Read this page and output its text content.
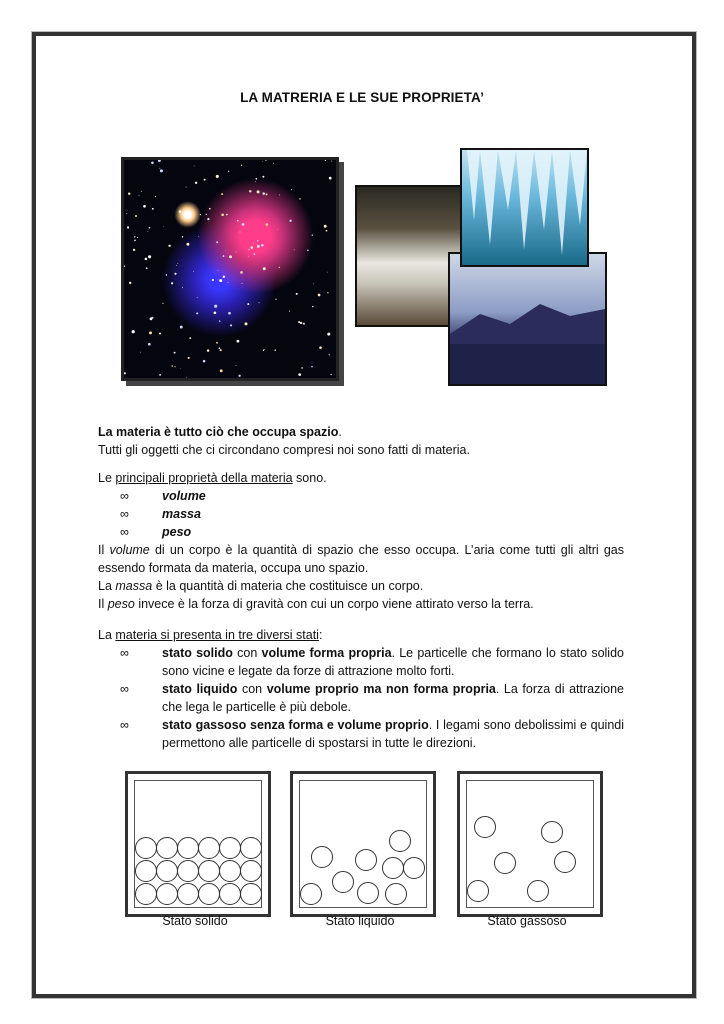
LA MATRERIA E LE SUE PROPRIETA’
La materia è tutto ciò che occupa spazio.
Tutti gli oggetti che ci circondano compresi noi sono fatti di materia.
Le principali proprietà della materia sono.
∞	volume
∞	massa
∞	peso
Il volume di un corpo è la quantità di spazio che esso occupa. L’aria come tutti gli altri gas essendo formata da materia, occupa uno spazio.
La massa è la quantità di materia che costituisce un corpo.
Il peso invece è la forza di gravità con cui un corpo viene attirato verso la terra.
La materia si presenta in tre diversi stati:
∞	stato solido con volume forma propria. Le particelle che formano lo stato solido sono vicine e legate da forze di attrazione molto forti.
∞	stato liquido con volume proprio ma non forma propria. La forza di attrazione che lega le particelle è più debole.
∞	stato gassoso senza forma e volume proprio. I legami sono debolissimi e quindi permettono alle particelle di spostarsi in tutte le direzioni.
Stato solido	Stato liquido	Stato gassoso
